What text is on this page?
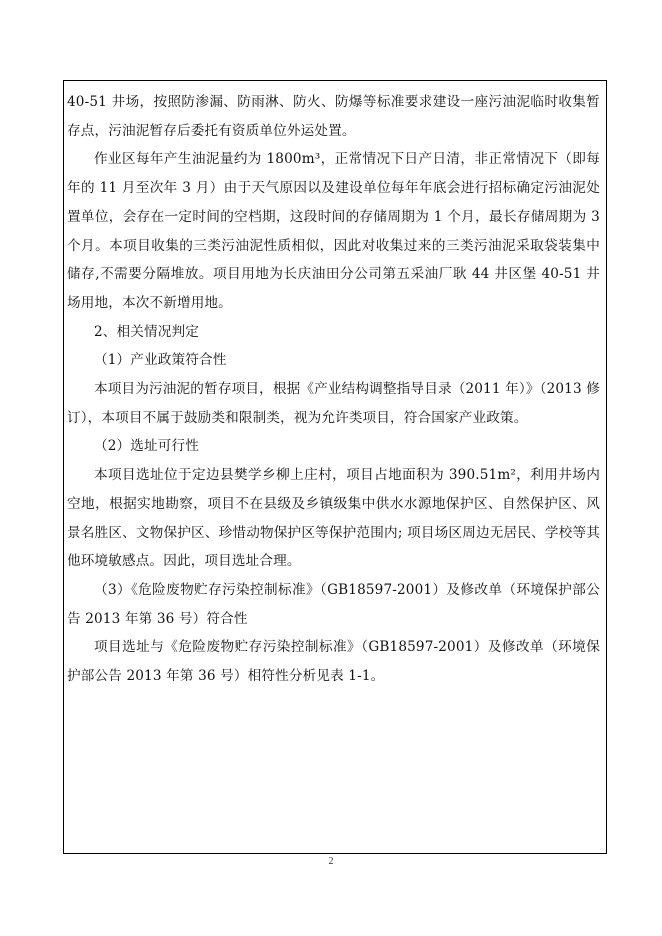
40-51 井场，按照防渗漏、防雨淋、防火、防爆等标准要求建设一座污油泥临时收集暂存点，污油泥暂存后委托有资质单位外运处置。

作业区每年产生油泥量约为 1800m³，正常情况下日产日清，非正常情况下（即每年的 11 月至次年 3 月）由于天气原因以及建设单位每年年底会进行招标确定污油泥处置单位，会存在一定时间的空档期，这段时间的存储周期为 1 个月，最长存储周期为 3 个月。本项目收集的三类污油泥性质相似，因此对收集过来的三类污油泥采取袋装集中储存,不需要分隔堆放。项目用地为长庆油田分公司第五采油厂耿 44 井区堡 40-51 井场用地，本次不新增用地。

2、相关情况判定

（1）产业政策符合性

本项目为污油泥的暂存项目，根据《产业结构调整指导目录（2011 年）》（2013 修订），本项目不属于鼓励类和限制类，视为允许类项目，符合国家产业政策。

（2）选址可行性

本项目选址位于定边县樊学乡柳上庄村，项目占地面积为 390.51m²，利用井场内空地，根据实地勘察，项目不在县级及乡镇级集中供水水源地保护区、自然保护区、风景名胜区、文物保护区、珍惜动物保护区等保护范围内; 项目场区周边无居民、学校等其他环境敏感点。因此，项目选址合理。

（3）《危险废物贮存污染控制标准》（GB18597-2001）及修改单（环境保护部公告 2013 年第 36 号）符合性

项目选址与《危险废物贮存污染控制标准》（GB18597-2001）及修改单（环境保护部公告 2013 年第 36 号）相符性分析见表 1-1。

2
